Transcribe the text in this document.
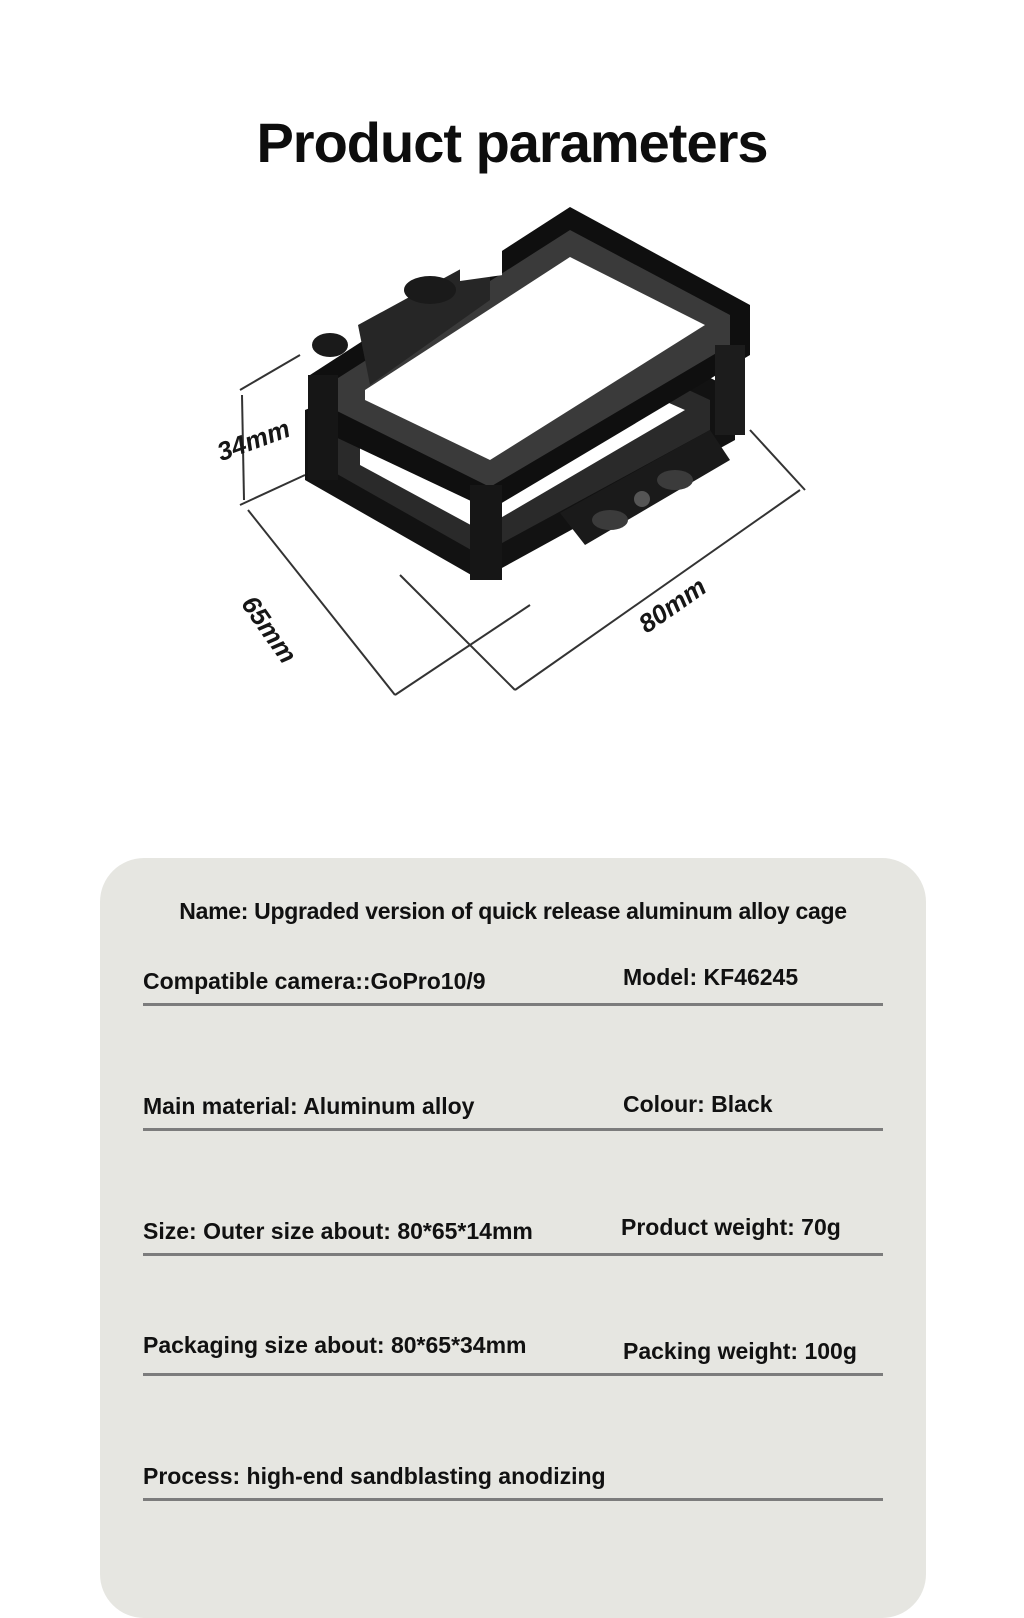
Product parameters
34mm
65mm	80mm
Name: Upgraded version of quick release aluminum alloy cage
Compatible camera::GoPro10/9	Model: KF46245
Main material: Aluminum alloy	Colour: Black
Size: Outer size about: 80*65*14mm	Product weight: 70g
Packaging size about: 80*65*34mm	Packing weight: 100g
Process: high-end sandblasting anodizing
